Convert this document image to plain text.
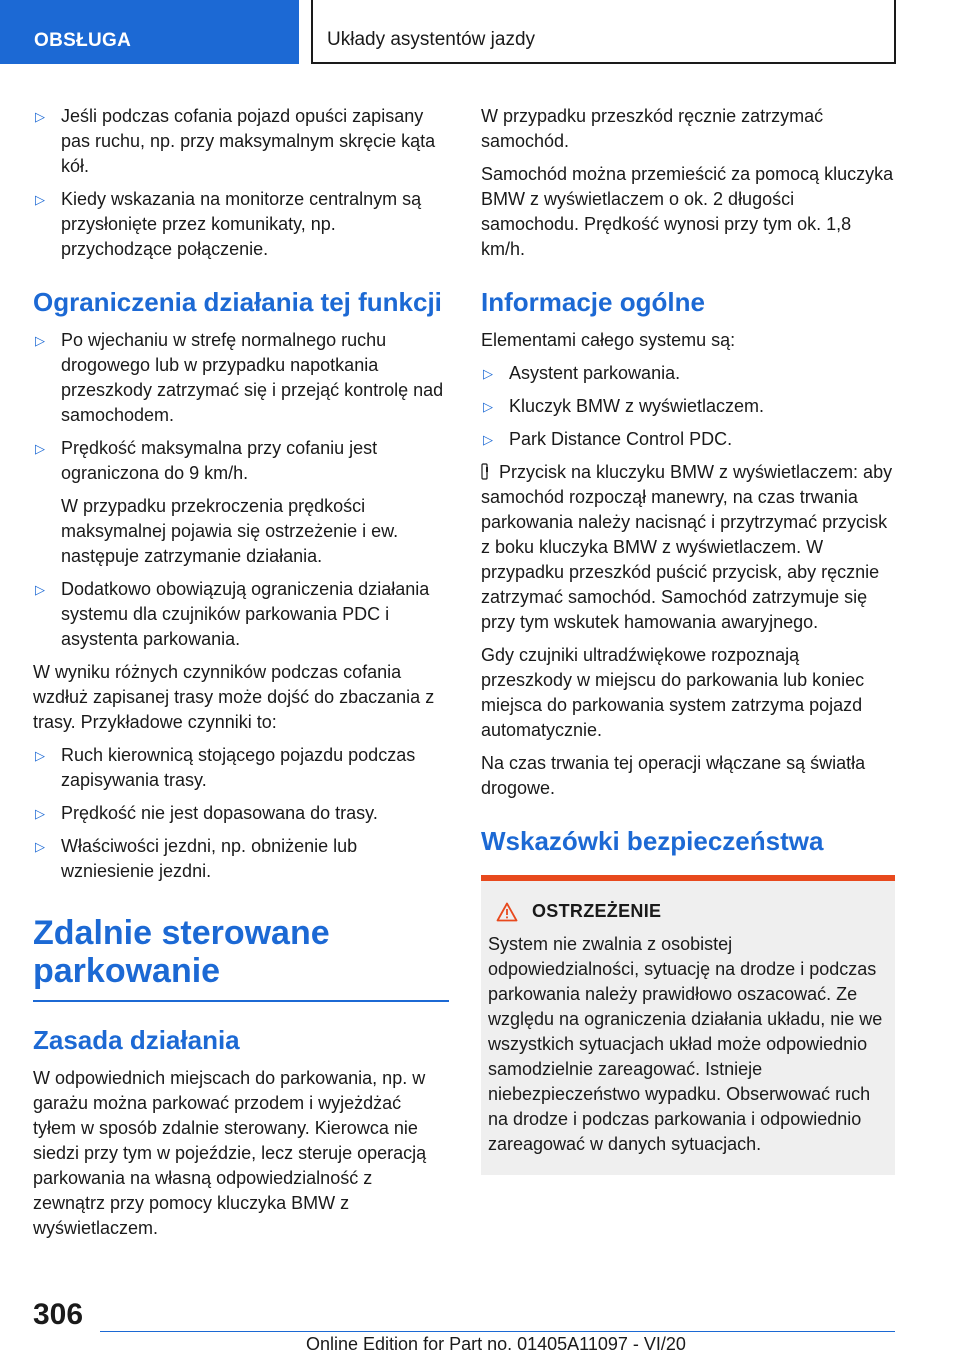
OBSŁUGA	Układy asystentów jazdy
▷ Jeśli podczas cofania pojazd opuści zapisany pas ruchu, np. przy maksymalnym skręcie kąta kół.
▷ Kiedy wskazania na monitorze centralnym są przysłonięte przez komunikaty, np. przychodzące połączenie.
Ograniczenia działania tej funkcji
▷ Po wjechaniu w strefę normalnego ruchu drogowego lub w przypadku napotkania przeszkody zatrzymać się i przejąć kontrolę nad samochodem.
▷ Prędkość maksymalna przy cofaniu jest ograniczona do 9 km/h.
W przypadku przekroczenia prędkości maksymalnej pojawia się ostrzeżenie i ew. następuje zatrzymanie działania.
▷ Dodatkowo obowiązują ograniczenia działania systemu dla czujników parkowania PDC i asystenta parkowania.

W wyniku różnych czynników podczas cofania wzdłuż zapisanej trasy może dojść do zbaczania z trasy. Przykładowe czynniki to:

▷ Ruch kierownicą stojącego pojazdu podczas zapisywania trasy.
▷ Prędkość nie jest dopasowana do trasy.
▷ Właściwości jezdni, np. obniżenie lub wzniesienie jezdni.
Zdalnie sterowane
parkowanie
Zasada działania

W odpowiednich miejscach do parkowania, np. w garażu można parkować przodem i wyjeżdżać tyłem w sposób zdalnie sterowany. Kierowca nie siedzi przy tym w pojeździe, lecz steruje operacją parkowania na własną odpowiedzialność z zewnątrz przy pomocy kluczyka BMW z wyświetlaczem.

W przypadku przeszkód ręcznie zatrzymać samochód.

Samochód można przemieścić za pomocą kluczyka BMW z wyświetlaczem o ok. 2 długości samochodu. Prędkość wynosi przy tym ok. 1,8 km/h.

Informacje ogólne

Elementami całego systemu są:

▷ Asystent parkowania.
▷ Kluczyk BMW z wyświetlaczem.
▷ Park Distance Control PDC.

Przycisk na kluczyku BMW z wyświetlaczem: aby samochód rozpoczął manewry, na czas trwania parkowania należy nacisnąć i przytrzymać przycisk z boku kluczyka BMW z wyświetlaczem. W przypadku przeszkód puścić przycisk, aby ręcznie zatrzymać samochód. Samochód zatrzymuje się przy tym wskutek hamowania awaryjnego.

Gdy czujniki ultradźwiękowe rozpoznają przeszkody w miejscu do parkowania lub koniec miejsca do parkowania system zatrzyma pojazd automatycznie.

Na czas trwania tej operacji włączane są światła drogowe.

Wskazówki bezpieczeństwa
OSTRZEŻENIE

System nie zwalnia z osobistej odpowiedzialności, sytuację na drodze i podczas parkowania należy prawidłowo oszacować. Ze względu na ograniczenia działania układu, nie we wszystkich sytuacjach układ może odpowiednio samodzielnie zareagować. Istnieje niebezpieczeństwo wypadku. Obserwować ruch na drodze i podczas parkowania i odpowiednio zareagować w danych sytuacjach.

306
Online Edition for Part no. 01405A11097 - VI/20
